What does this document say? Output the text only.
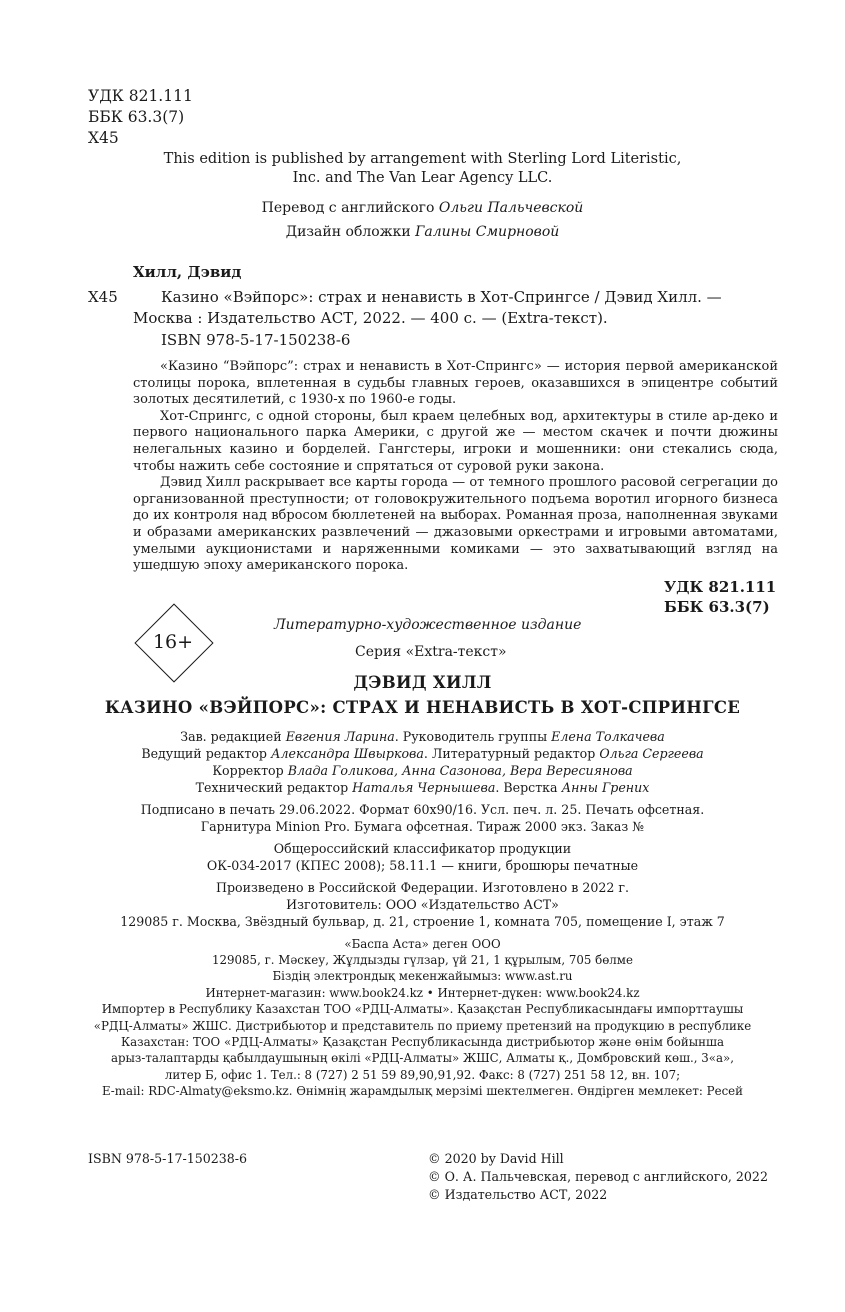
УДК 821.111
ББК 63.3(7)
Х45
This edition is published by arrangement with Sterling Lord Literistic,
Inc. and The Van Lear Agency LLC.
Перевод с английского Ольги Пальчевской
Дизайн обложки Галины Смирновой
Хилл, Дэвид
Х45	Казино «Вэйпорс»: страх и ненависть в Хот-Спрингсе / Дэвид Хилл. —
Москва : Издательство АСТ, 2022. — 400 с. — (Extra-текст).
ISBN 978-5-17-150238-6

«Казино “Вэйпорс”: страх и ненависть в Хот-Спрингс» — история первой американской столицы порока, вплетенная в судьбы главных героев, оказавшихся в эпицентре событий золотых десятилетий, с 1930-х по 1960-е годы.

Хот-Спрингс, с одной стороны, был краем целебных вод, архитектуры в стиле ар-деко и первого национального парка Америки, с другой же — местом скачек и почти дюжины нелегальных казино и борделей. Гангстеры, игроки и мошенники: они стекались сюда, чтобы нажить себе состояние и спрятаться от суровой руки закона.

Дэвид Хилл раскрывает все карты города — от темного прошлого расовой сегрегации до организованной преступности; от головокружительного подъема воротил игорного бизнеса до их контроля над вбросом бюллетеней на выборах. Романная проза, наполненная звуками и образами американских развлечений — джазовыми оркестрами и игровыми автоматами, умелыми аукционистами и наряженными комиками — это захватывающий взгляд на ушедшую эпоху американского порока.

УДК 821.111
ББК 63.3(7)
16+
Литературно-художественное издание
Серия «Extra-текст»
ДЭВИД ХИЛЛ
КАЗИНО «ВЭЙПОРС»: СТРАХ И НЕНАВИСТЬ В ХОТ-СПРИНГСЕ
Зав. редакцией Евгения Ларина. Руководитель группы Елена Толкачева
Ведущий редактор Александра Швыркова. Литературный редактор Ольга Сергеева
Корректор Влада Голикова, Анна Сазонова, Вера Вересиянова
Технический редактор Наталья Чернышева. Верстка Анны Грених
Подписано в печать 29.06.2022. Формат 60х90/16. Усл. печ. л. 25. Печать офсетная.
Гарнитура Minion Pro. Бумага офсетная. Тираж 2000 экз. Заказ №
Общероссийский классификатор продукции
ОК-034-2017 (КПЕС 2008); 58.11.1 — книги, брошюры печатные
Произведено в Российской Федерации. Изготовлено в 2022 г.
Изготовитель: ООО «Издательство АСТ»
129085 г. Москва, Звёздный бульвар, д. 21, строение 1, комната 705, помещение I, этаж 7
«Баспа Аста» деген ООО
129085, г. Мәскеу, Жұлдызды гүлзар, үй 21, 1 құрылым, 705 бөлме
Біздің электрондық мекенжайымыз: www.ast.ru
Интернет-магазин: www.book24.kz • Интернет-дүкен: www.book24.kz
Импортер в Республику Казахстан ТОО «РДЦ-Алматы». Қазақстан Республикасындағы импорттаушы
«РДЦ-Алматы» ЖШС. Дистрибьютор и представитель по приему претензий на продукцию в республике
Казахстан: ТОО «РДЦ-Алматы» Қазақстан Республикасында дистрибьютор және өнім бойынша
арыз-талаптарды қабылдаушының өкілі «РДЦ-Алматы» ЖШС, Алматы қ., Домбровский көш., 3«а»,
литер Б, офис 1. Тел.: 8 (727) 2 51 59 89,90,91,92. Факс: 8 (727) 251 58 12, вн. 107;
E-mail: RDC-Almaty@eksmo.kz. Өнімнің жарамдылық мерзімі шектелмеген. Өндірген мемлекет: Ресей
ISBN 978-5-17-150238-6	© 2020 by David Hill
© О. А. Пальчевская, перевод с английского, 2022
© Издательство АСТ, 2022
